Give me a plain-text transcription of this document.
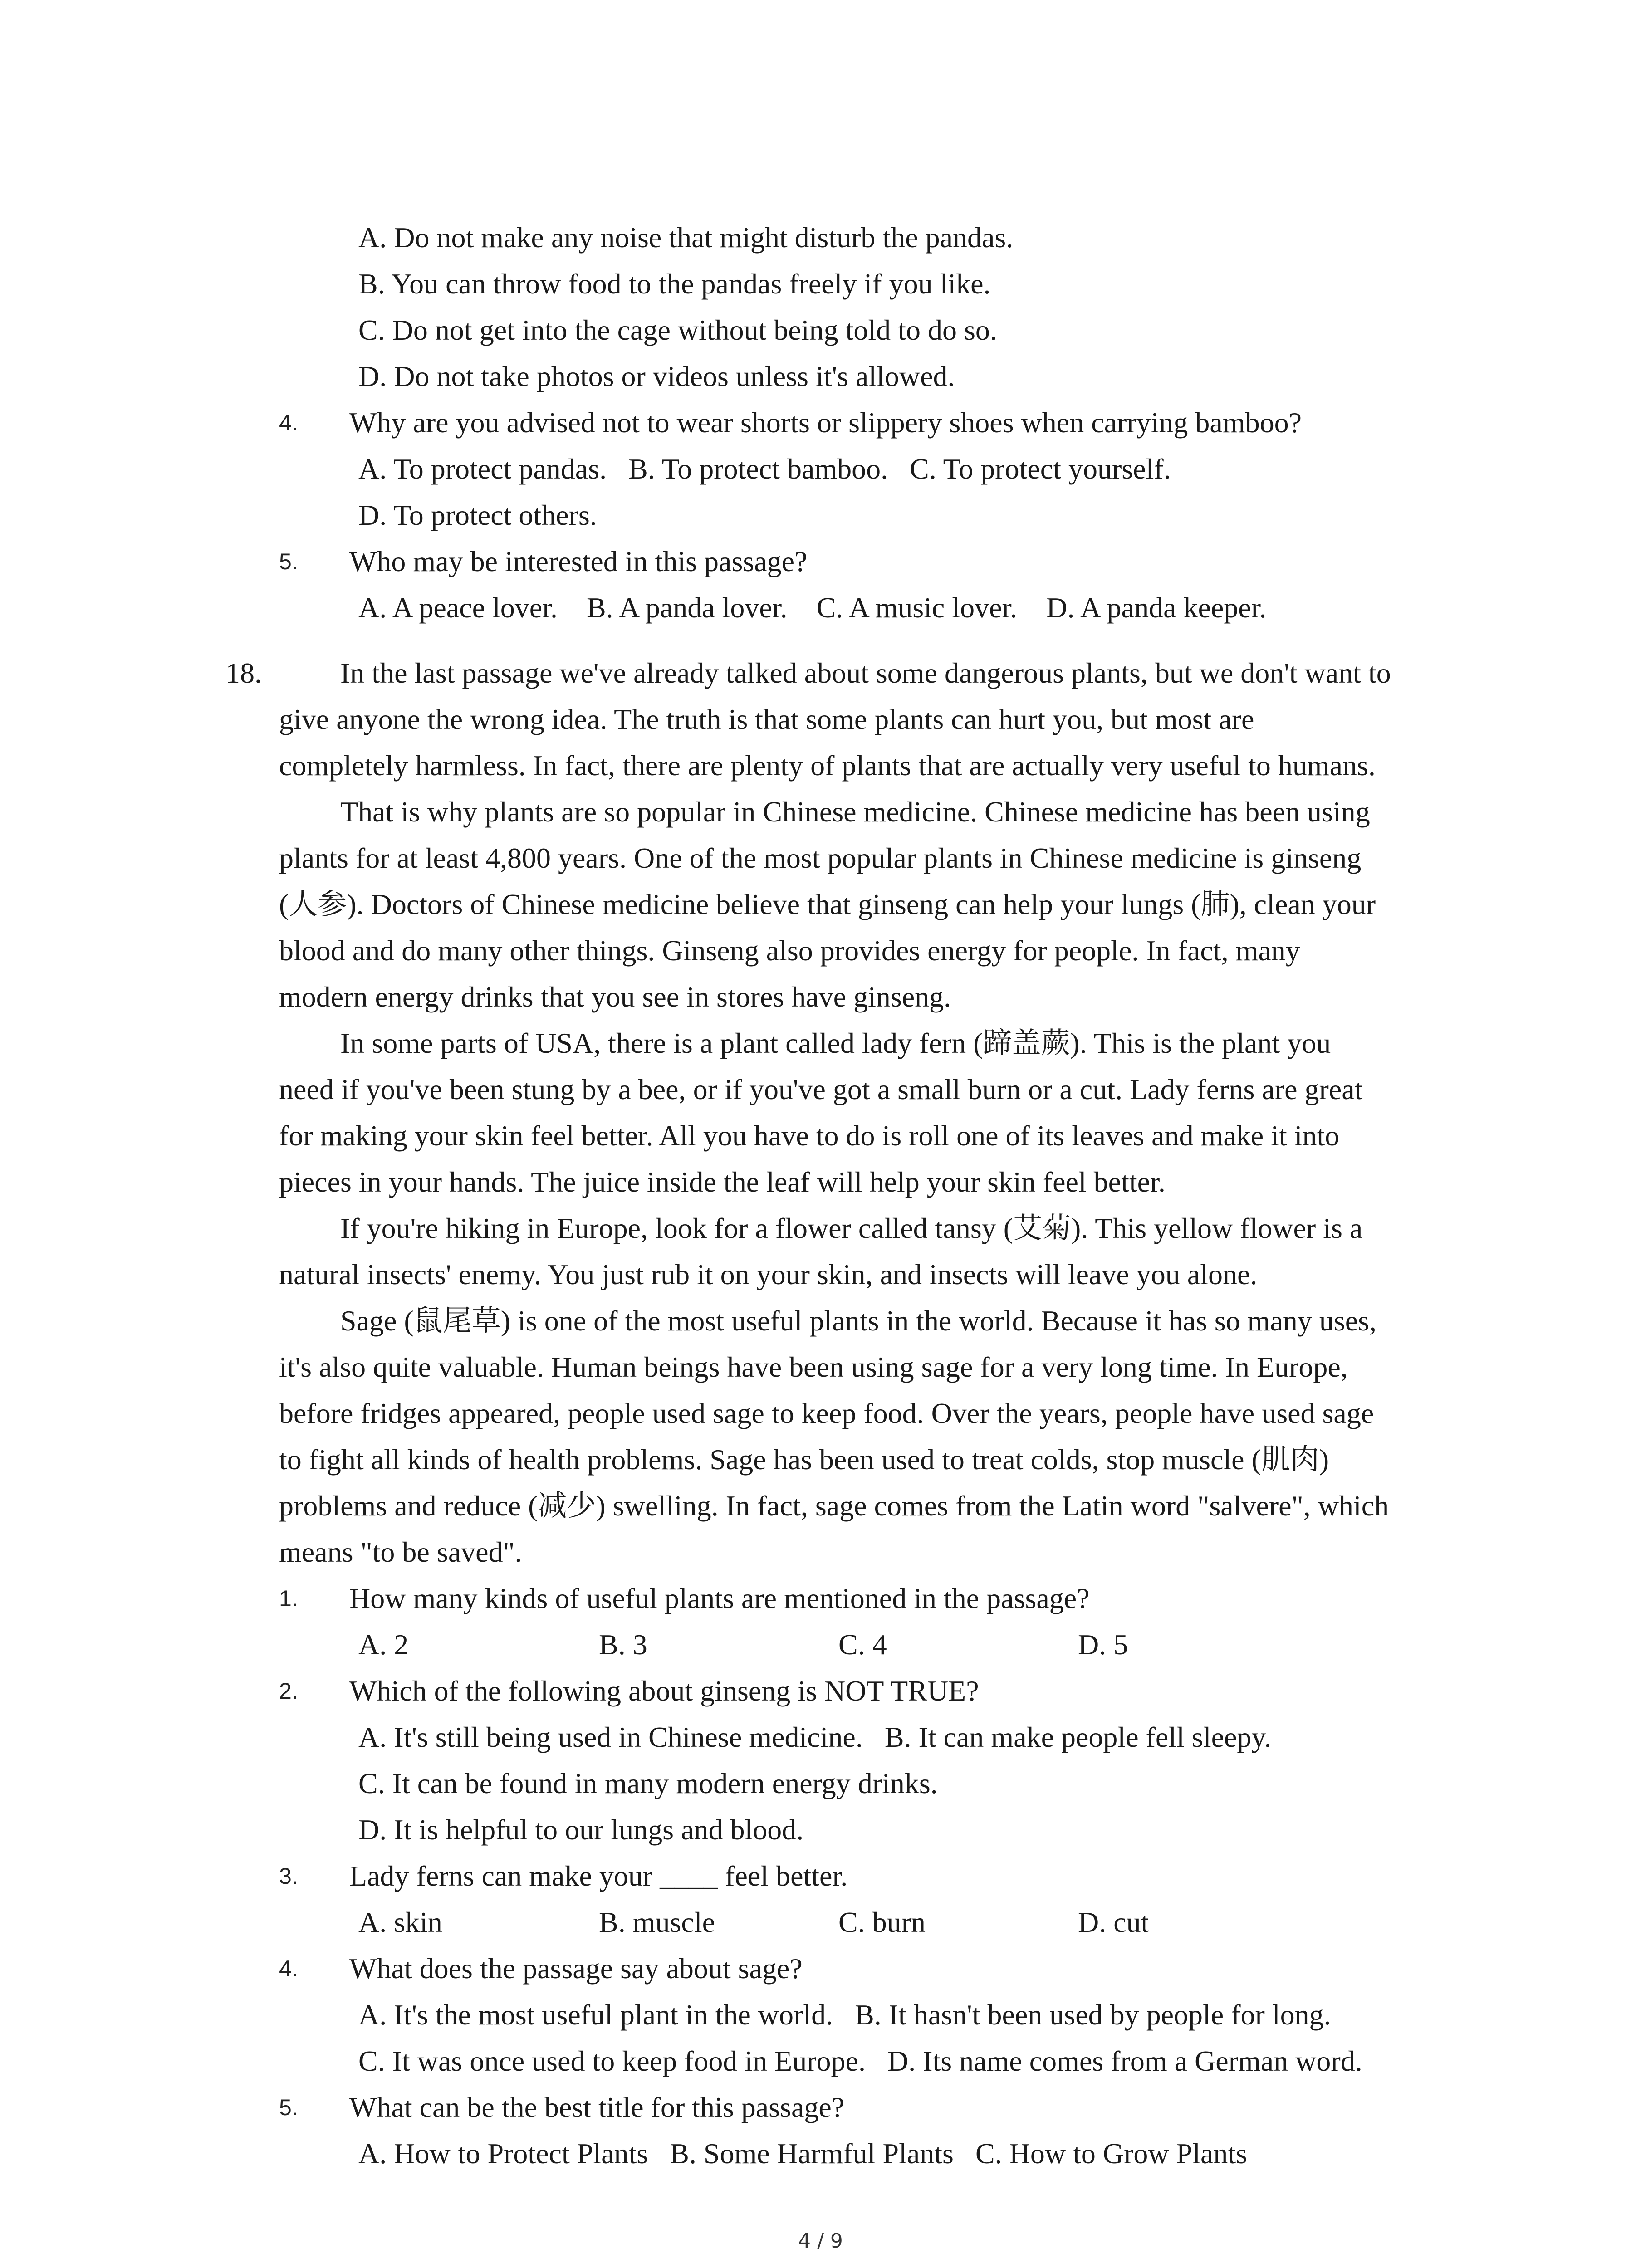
A. Do not make any noise that might disturb the pandas.
B. You can throw food to the pandas freely if you like.
C. Do not get into the cage without being told to do so.
D. Do not take photos or videos unless it's allowed.
4. Why are you advised not to wear shorts or slippery shoes when carrying bamboo?
A. To protect pandas.   B. To protect bamboo.   C. To protect yourself.
D. To protect others.
5. Who may be interested in this passage?
A. A peace lover.    B. A panda lover.    C. A music lover.    D. A panda keeper.
18.	In the last passage we've already talked about some dangerous plants, but we don't want to
give anyone the wrong idea. The truth is that some plants can hurt you, but most are
completely harmless. In fact, there are plenty of plants that are actually very useful to humans.
That is why plants are so popular in Chinese medicine. Chinese medicine has been using
plants for at least 4,800 years. One of the most popular plants in Chinese medicine is ginseng
(人参). Doctors of Chinese medicine believe that ginseng can help your lungs (肺), clean your
blood and do many other things. Ginseng also provides energy for people. In fact, many
modern energy drinks that you see in stores have ginseng.
In some parts of USA, there is a plant called lady fern (蹄盖蕨). This is the plant you
need if you've been stung by a bee, or if you've got a small burn or a cut. Lady ferns are great
for making your skin feel better. All you have to do is roll one of its leaves and make it into
pieces in your hands. The juice inside the leaf will help your skin feel better.
If you're hiking in Europe, look for a flower called tansy (艾菊). This yellow flower is a
natural insects' enemy. You just rub it on your skin, and insects will leave you alone.
Sage (鼠尾草) is one of the most useful plants in the world. Because it has so many uses,
it's also quite valuable. Human beings have been using sage for a very long time. In Europe,
before fridges appeared, people used sage to keep food. Over the years, people have used sage
to fight all kinds of health problems. Sage has been used to treat colds, stop muscle (肌肉)
problems and reduce (减少) swelling. In fact, sage comes from the Latin word "salvere", which
means "to be saved".
1. How many kinds of useful plants are mentioned in the passage?
A. 2	B. 3	C. 4	D. 5
2. Which of the following about ginseng is NOT TRUE?
A. It's still being used in Chinese medicine.   B. It can make people fell sleepy.
C. It can be found in many modern energy drinks.
D. It is helpful to our lungs and blood.
3. Lady ferns can make your ____ feel better.
A. skin	B. muscle	C. burn	D. cut
4. What does the passage say about sage?
A. It's the most useful plant in the world.   B. It hasn't been used by people for long.
C. It was once used to keep food in Europe.   D. Its name comes from a German word.
5. What can be the best title for this passage?
A. How to Protect Plants   B. Some Harmful Plants   C. How to Grow Plants
4 / 9
